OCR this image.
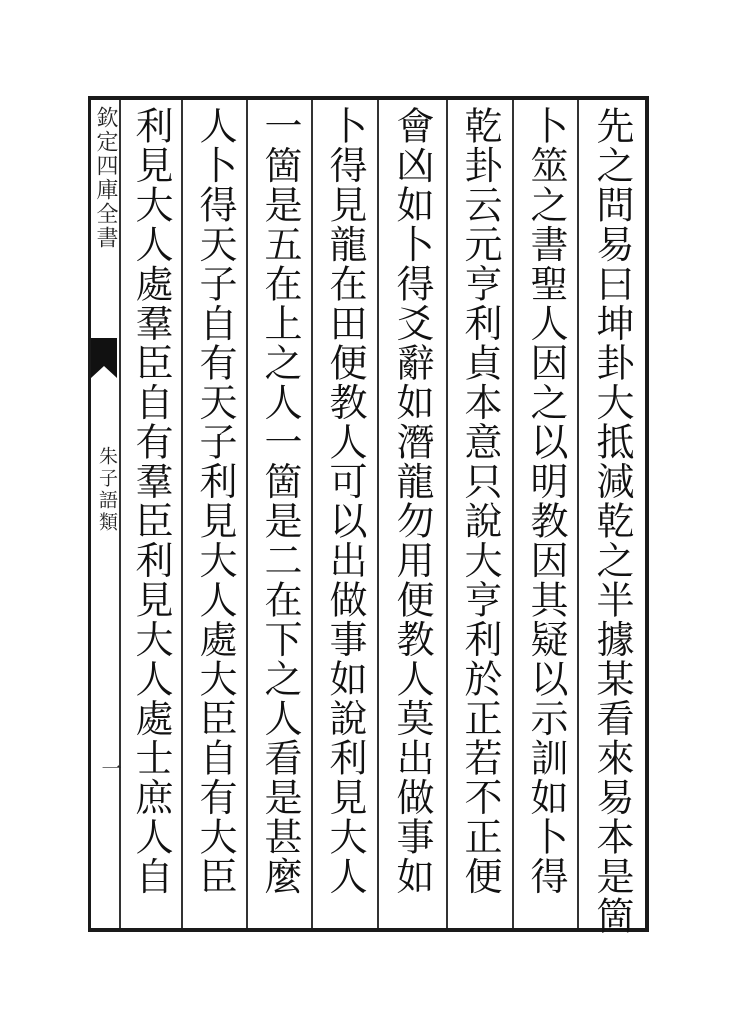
欽定四庫全書
朱子語類
一	先之問易曰坤卦大抵減乾之半據某看來易本是箇
卜筮之書聖人因之以明教因其疑以示訓如卜得
乾卦云元亨利貞本意只說大亨利於正若不正便
會凶如卜得爻辭如潛龍勿用便教人莫出做事如
卜得見龍在田便教人可以出做事如說利見大人
一箇是五在上之人一箇是二在下之人看是甚麼
人卜得天子自有天子利見大人處大臣自有大臣
利見大人處羣臣自有羣臣利見大人處士庶人自
